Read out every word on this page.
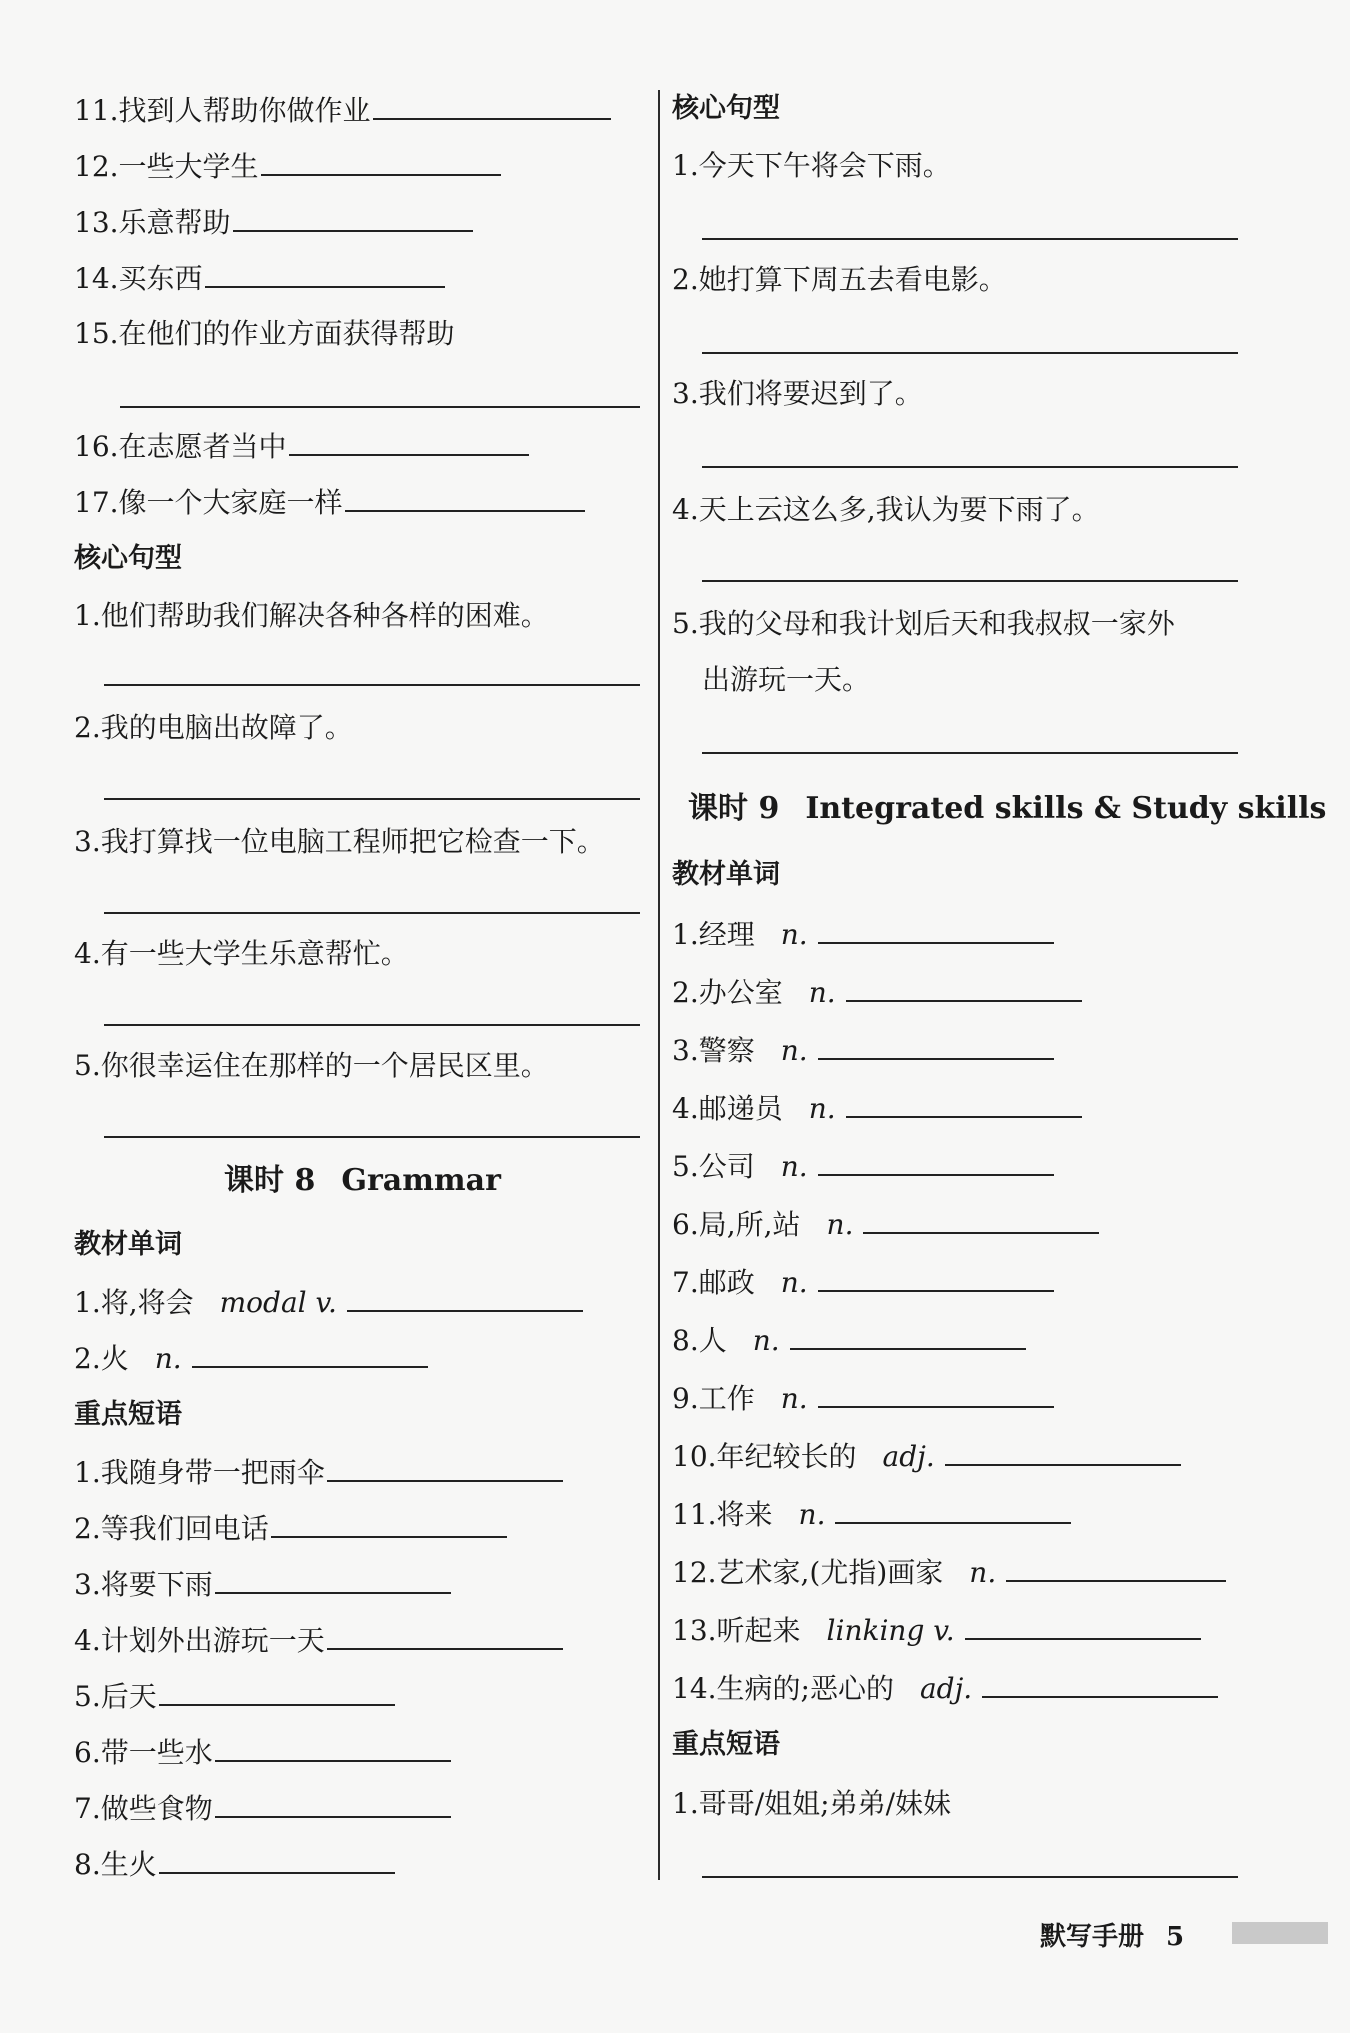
11.找到人帮助你做作业
12.一些大学生
13.乐意帮助
14.买东西
15.在他们的作业方面获得帮助
16.在志愿者当中
17.像一个大家庭一样
核心句型
1.他们帮助我们解决各种各样的困难。
2.我的电脑出故障了。
3.我打算找一位电脑工程师把它检查一下。
4.有一些大学生乐意帮忙。
5.你很幸运住在那样的一个居民区里。
课时 8 Grammar
教材单词
1.将,将会 modal v.
2.火 n.
重点短语
1.我随身带一把雨伞
2.等我们回电话
3.将要下雨
4.计划外出游玩一天
5.后天
6.带一些水
7.做些食物
8.生火
核心句型
1.今天下午将会下雨。
2.她打算下周五去看电影。
3.我们将要迟到了。
4.天上云这么多,我认为要下雨了。
5.我的父母和我计划后天和我叔叔一家外
出游玩一天。
课时 9 Integrated skills & Study skills
教材单词
1.经理 n.
2.办公室 n.
3.警察 n.
4.邮递员 n.
5.公司 n.
6.局,所,站 n.
7.邮政 n.
8.人 n.
9.工作 n.
10.年纪较长的 adj.
11.将来 n.
12.艺术家,(尤指)画家 n.
13.听起来 linking v.
14.生病的;恶心的 adj.
重点短语
1.哥哥/姐姐;弟弟/妹妹
默写手册 5
